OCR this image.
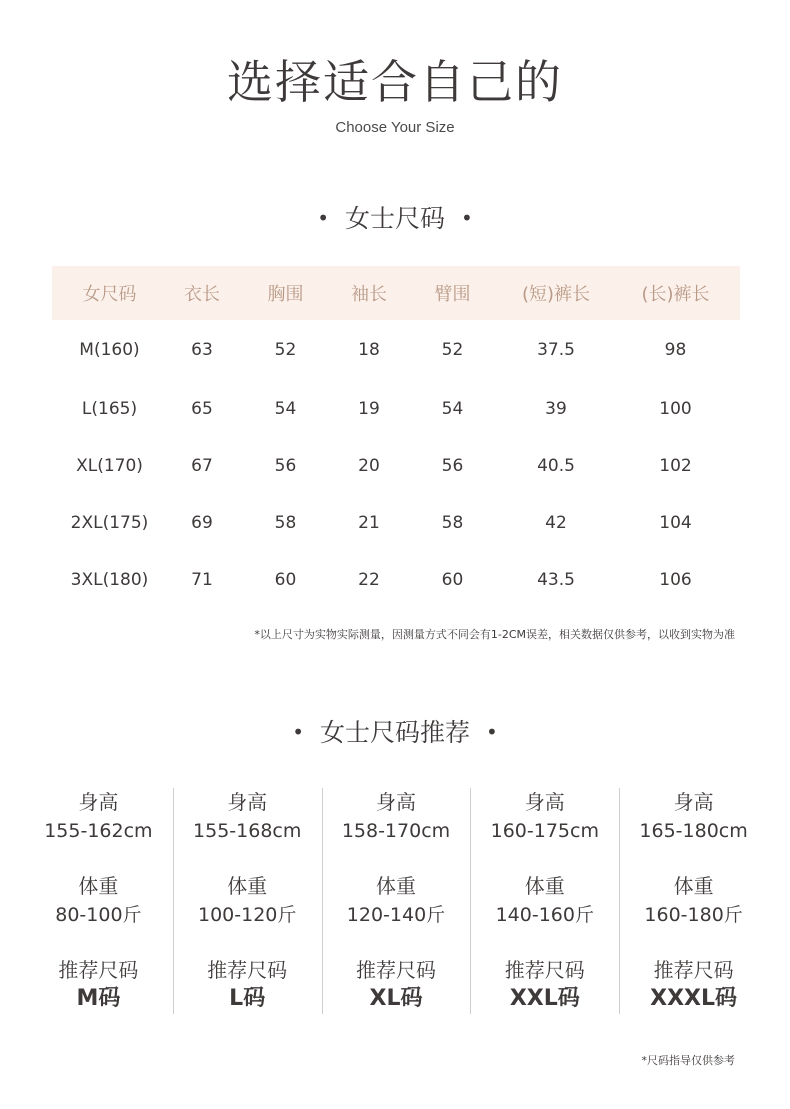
选择适合自己的
Choose Your Size
• 女士尺码 •
女尺码	衣长	胸围	袖长	臂围	(短)裤长	(长)裤长
M(160)	63	52	18	52	37.5	98
L(165)	65	54	19	54	39	100
XL(170)	67	56	20	56	40.5	102
2XL(175)	69	58	21	58	42	104
3XL(180)	71	60	22	60	43.5	106
*以上尺寸为实物实际测量，因测量方式不同会有1-2CM误差，相关数据仅供参考，以收到实物为准
• 女士尺码推荐 •
身高
155-162cm
体重
80-100斤
推荐尺码
M码
身高
155-168cm
体重
100-120斤
推荐尺码
L码
身高
158-170cm
体重
120-140斤
推荐尺码
XL码
身高
160-175cm
体重
140-160斤
推荐尺码
XXL码
身高
165-180cm
体重
160-180斤
推荐尺码
XXXL码
*尺码指导仅供参考
